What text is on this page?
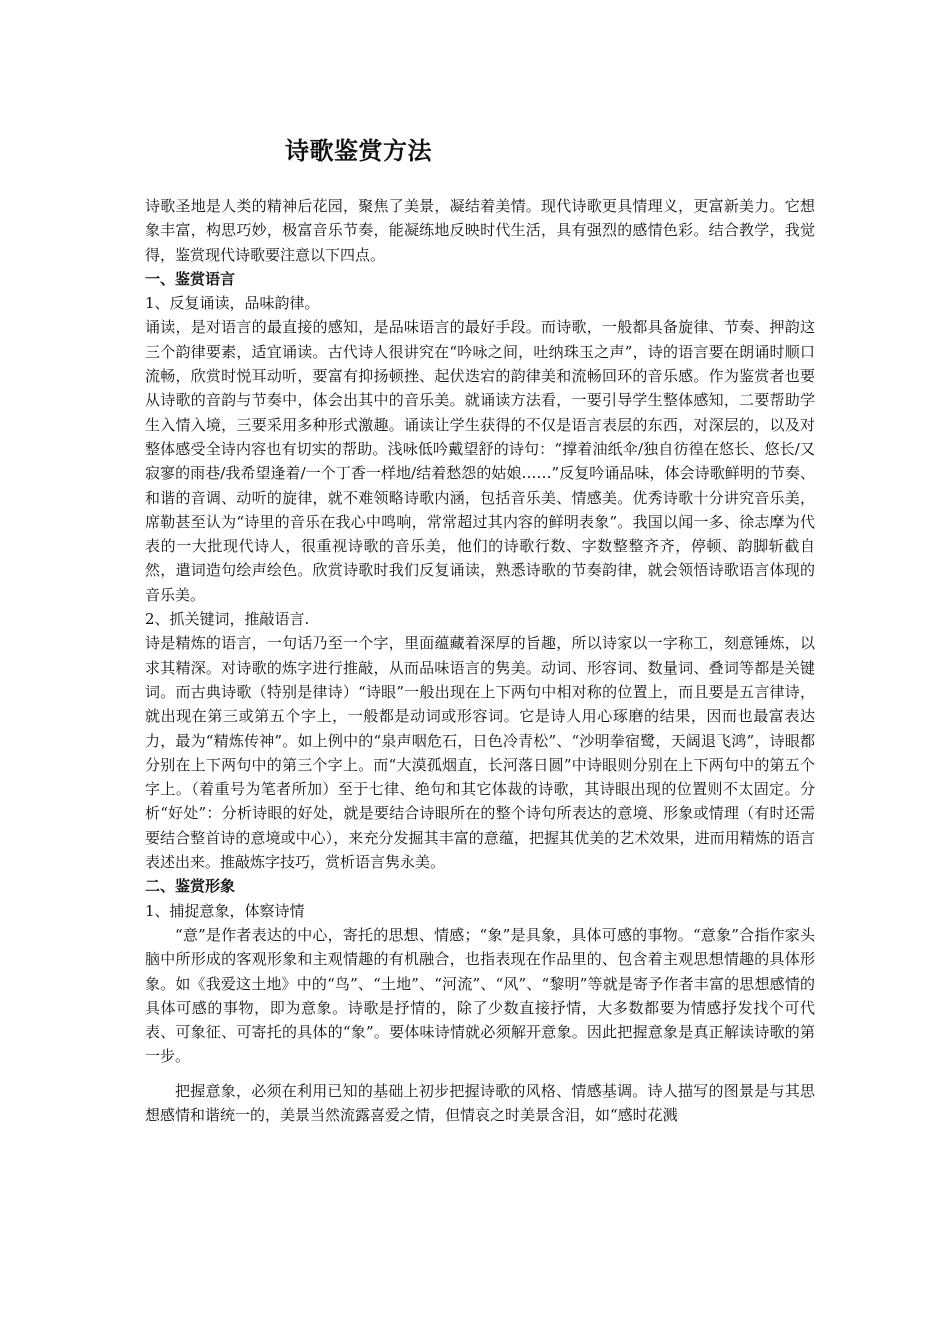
诗歌鉴赏方法

诗歌圣地是人类的精神后花园，聚焦了美景，凝结着美情。现代诗歌更具情理义，更富新美力。它想象丰富，构思巧妙，极富音乐节奏，能凝练地反映时代生活，具有强烈的感情色彩。结合教学，我觉得，鉴赏现代诗歌要注意以下四点。

一、鉴赏语言

1、反复诵读，品味韵律。

诵读，是对语言的最直接的感知，是品味语言的最好手段。而诗歌，一般都具备旋律、节奏、押韵这三个韵律要素，适宜诵读。古代诗人很讲究在“吟咏之间，吐纳珠玉之声”，诗的语言要在朗诵时顺口流畅，欣赏时悦耳动听，要富有抑扬顿挫、起伏迭宕的韵律美和流畅回环的音乐感。作为鉴赏者也要从诗歌的音韵与节奏中，体会出其中的音乐美。就诵读方法看，一要引导学生整体感知，二要帮助学生入情入境，三要采用多种形式激趣。诵读让学生获得的不仅是语言表层的东西，对深层的，以及对整体感受全诗内容也有切实的帮助。浅咏低吟戴望舒的诗句：“撑着油纸伞/独自彷徨在悠长、悠长/又寂寥的雨巷/我希望逢着/一个丁香一样地/结着愁怨的姑娘……”反复吟诵品味，体会诗歌鲜明的节奏、和谐的音调、动听的旋律，就不难领略诗歌内涵，包括音乐美、情感美。优秀诗歌十分讲究音乐美，席勒甚至认为“诗里的音乐在我心中鸣响，常常超过其内容的鲜明表象”。我国以闻一多、徐志摩为代表的一大批现代诗人，很重视诗歌的音乐美，他们的诗歌行数、字数整整齐齐，停顿、韵脚斩截自然，遣词造句绘声绘色。欣赏诗歌时我们反复诵读，熟悉诗歌的节奏韵律，就会领悟诗歌语言体现的音乐美。

2、抓关键词，推敲语言.

诗是精炼的语言，一句话乃至一个字，里面蕴藏着深厚的旨趣，所以诗家以一字称工，刻意锤炼，以求其精深。对诗歌的炼字进行推敲，从而品味语言的隽美。动词、形容词、数量词、叠词等都是关键词。而古典诗歌（特别是律诗）“诗眼”一般出现在上下两句中相对称的位置上，而且要是五言律诗，就出现在第三或第五个字上，一般都是动词或形容词。它是诗人用心琢磨的结果，因而也最富表达力，最为“精炼传神”。如上例中的“泉声咽危石，日色冷青松”、“沙明拳宿鹭，天阔退飞鸿”，诗眼都分别在上下两句中的第三个字上。而“大漠孤烟直，长河落日圆”中诗眼则分别在上下两句中的第五个字上。（着重号为笔者所加）至于七律、绝句和其它体裁的诗歌，其诗眼出现的位置则不太固定。分析“好处”：分析诗眼的好处，就是要结合诗眼所在的整个诗句所表达的意境、形象或情理（有时还需要结合整首诗的意境或中心），来充分发掘其丰富的意蕴，把握其优美的艺术效果，进而用精炼的语言表述出来。推敲炼字技巧，赏析语言隽永美。

二、鉴赏形象

1、捕捉意象，体察诗情

“意”是作者表达的中心，寄托的思想、情感；“象”是具象，具体可感的事物。“意象”合指作家头脑中所形成的客观形象和主观情趣的有机融合，也指表现在作品里的、包含着主观思想情趣的具体形象。如《我爱这土地》中的“鸟”、“土地”、“河流”、“风”、“黎明”等就是寄予作者丰富的思想感情的具体可感的事物，即为意象。诗歌是抒情的，除了少数直接抒情，大多数都要为情感抒发找个可代表、可象征、可寄托的具体的“象”。要体味诗情就必须解开意象。因此把握意象是真正解读诗歌的第一步。

把握意象，必须在利用已知的基础上初步把握诗歌的风格、情感基调。诗人描写的图景是与其思想感情和谐统一的，美景当然流露喜爱之情，但情哀之时美景含泪，如“感时花溅
